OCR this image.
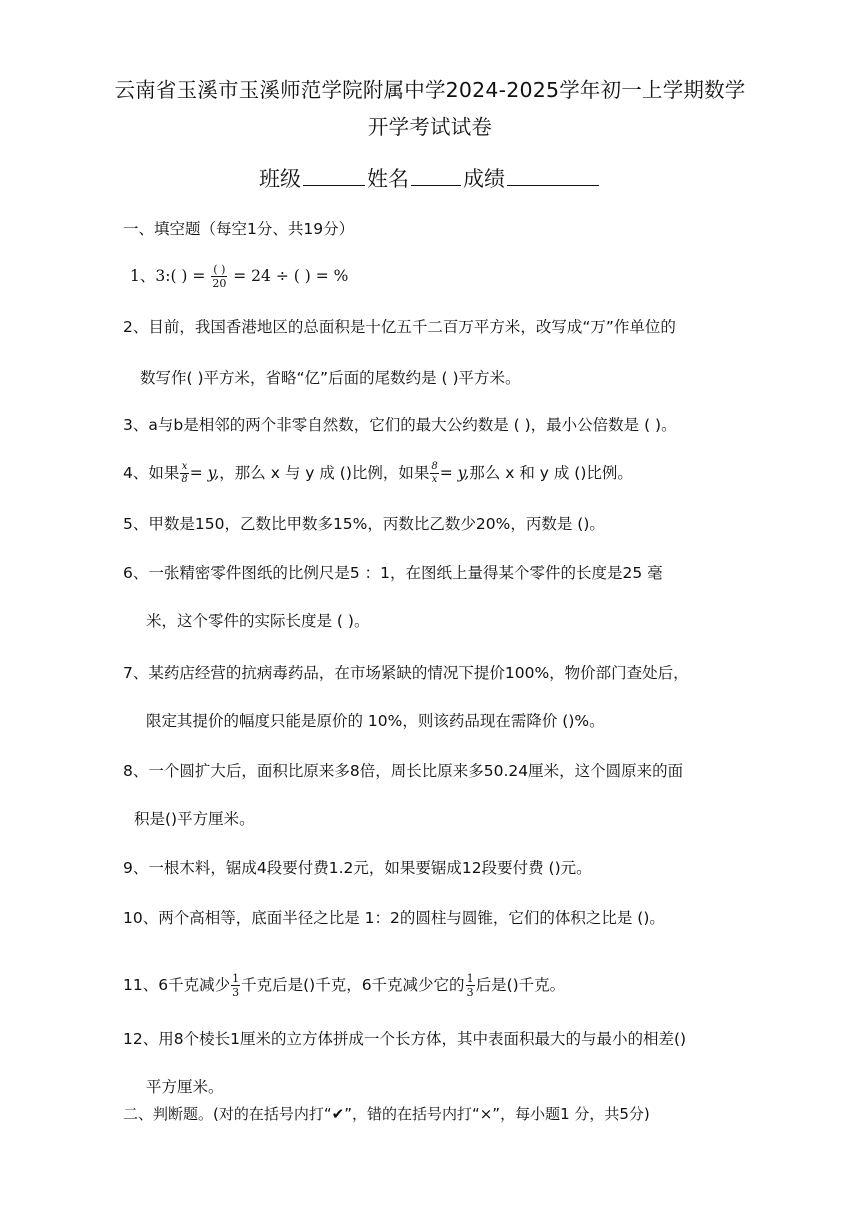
云南省玉溪市玉溪师范学院附属中学2024-2025学年初一上学期数学
开学考试试卷
班级	姓名	成绩
一、填空题（每空1分、共19分）
1、3:( ) = $\frac{( )}{20} = 24$ ÷ ( ) = %
2、目前，我国香港地区的总面积是十亿五千二百万平方米，改写成“万”作单位的
数写作( )平方米，省略“亿”后面的尾数约是 ( )平方米。
3、a与b是相邻的两个非零自然数，它们的最大公约数是 ( )，最小公倍数是 ( )。
4、如果 $\frac{x}{8} = y$,，那么 x 与 y 成 ()比例，如果 $\frac{8}{x} = y$,那么 x 和 y 成 ()比例。
5、甲数是150，乙数比甲数多15%，丙数比乙数少20%，丙数是 ()。
6、一张精密零件图纸的比例尺是5 ：1，在图纸上量得某个零件的长度是25 毫
米，这个零件的实际长度是 ( )。
7、某药店经营的抗病毒药品，在市场紧缺的情况下提价100%，物价部门查处后，
限定其提价的幅度只能是原价的 10%，则该药品现在需降价 ()%。
8、一个圆扩大后，面积比原来多8倍，周长比原来多50.24厘米，这个圆原来的面
积是()平方厘米。
9、一根木料，锯成4段要付费1.2元，如果要锯成12段要付费 ()元。
10、两个高相等，底面半径之比是 1：2的圆柱与圆锥，它们的体积之比是 ()。
11、6千克减少 $\frac{1}{3}$ 千克后是()千克，6千克减少它的 $\frac{1}{3}$ 后是()千克。
12、用8个棱长1厘米的立方体拼成一个长方体，其中表面积最大的与最小的相差()
平方厘米。
二、判断题。(对的在括号内打“✔”，错的在括号内打“×”，每小题1 分，共5分)
